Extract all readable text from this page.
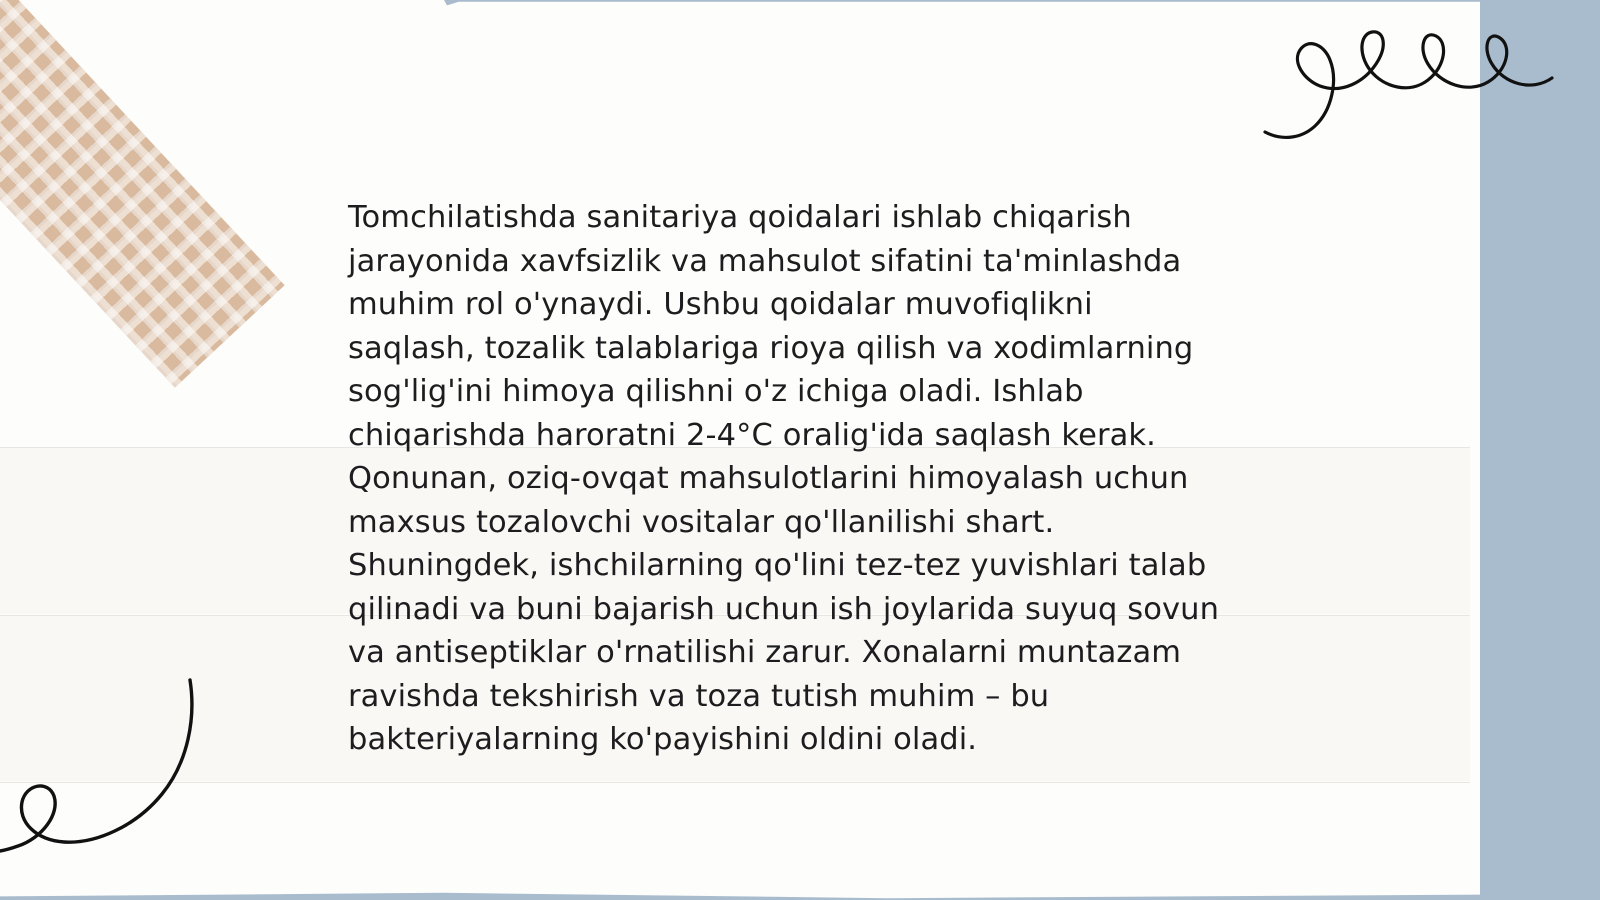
Tomchilatishda sanitariya qoidalari ishlab chiqarish jarayonida xavfsizlik va mahsulot sifatini ta'minlashda muhim rol o'ynaydi. Ushbu qoidalar muvofiqlikni saqlash, tozalik talablariga rioya qilish va xodimlarning sog'lig'ini himoya qilishni o'z ichiga oladi. Ishlab chiqarishda haroratni 2-4°C oralig'ida saqlash kerak. Qonunan, oziq-ovqat mahsulotlarini himoyalash uchun maxsus tozalovchi vositalar qo'llanilishi shart. Shuningdek, ishchilarning qo'lini tez-tez yuvishlari talab qilinadi va buni bajarish uchun ish joylarida suyuq sovun va antiseptiklar o'rnatilishi zarur. Xonalarni muntazam ravishda tekshirish va toza tutish muhim – bu bakteriyalarning ko'payishini oldini oladi.
